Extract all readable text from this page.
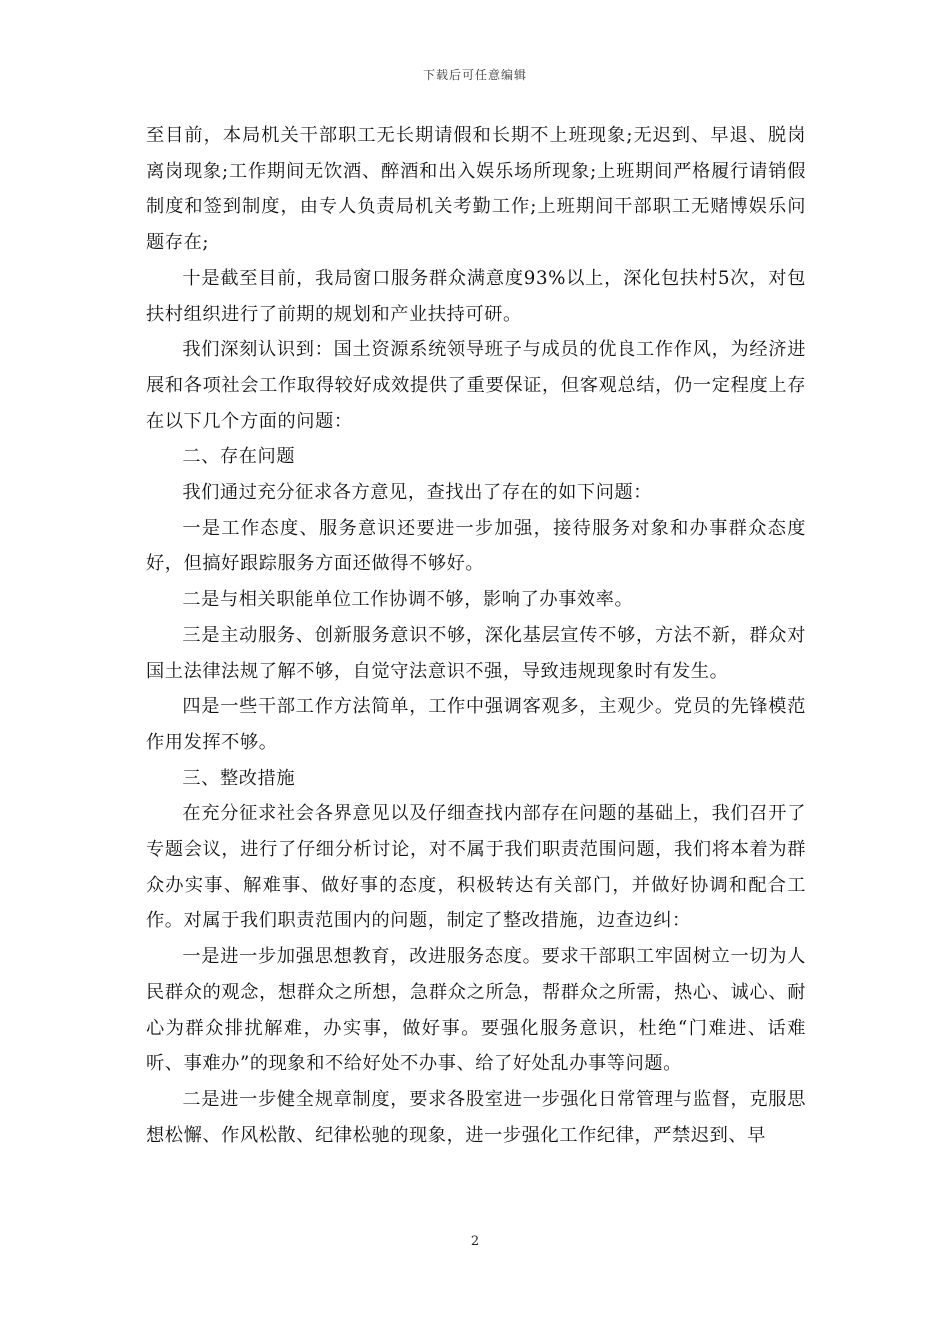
下载后可任意编辑

至目前，本局机关干部职工无长期请假和长期不上班现象;无迟到、早退、脱岗离岗现象;工作期间无饮酒、醉酒和出入娱乐场所现象;上班期间严格履行请销假制度和签到制度，由专人负责局机关考勤工作;上班期间干部职工无赌博娱乐问题存在;

十是截至目前，我局窗口服务群众满意度93%以上，深化包扶村5次，对包扶村组织进行了前期的规划和产业扶持可研。

我们深刻认识到：国土资源系统领导班子与成员的优良工作作风，为经济进展和各项社会工作取得较好成效提供了重要保证，但客观总结，仍一定程度上存在以下几个方面的问题：

二、存在问题

我们通过充分征求各方意见，查找出了存在的如下问题：

一是工作态度、服务意识还要进一步加强，接待服务对象和办事群众态度好，但搞好跟踪服务方面还做得不够好。

二是与相关职能单位工作协调不够，影响了办事效率。

三是主动服务、创新服务意识不够，深化基层宣传不够，方法不新，群众对国土法律法规了解不够，自觉守法意识不强，导致违规现象时有发生。

四是一些干部工作方法简单，工作中强调客观多，主观少。党员的先锋模范作用发挥不够。

三、整改措施

在充分征求社会各界意见以及仔细查找内部存在问题的基础上，我们召开了专题会议，进行了仔细分析讨论，对不属于我们职责范围问题，我们将本着为群众办实事、解难事、做好事的态度，积极转达有关部门，并做好协调和配合工作。对属于我们职责范围内的问题，制定了整改措施，边查边纠：

一是进一步加强思想教育，改进服务态度。要求干部职工牢固树立一切为人民群众的观念，想群众之所想，急群众之所急，帮群众之所需，热心、诚心、耐心为群众排扰解难，办实事，做好事。要强化服务意识，杜绝“门难进、话难听、事难办”的现象和不给好处不办事、给了好处乱办事等问题。

二是进一步健全规章制度，要求各股室进一步强化日常管理与监督，克服思想松懈、作风松散、纪律松驰的现象，进一步强化工作纪律，严禁迟到、早

2
